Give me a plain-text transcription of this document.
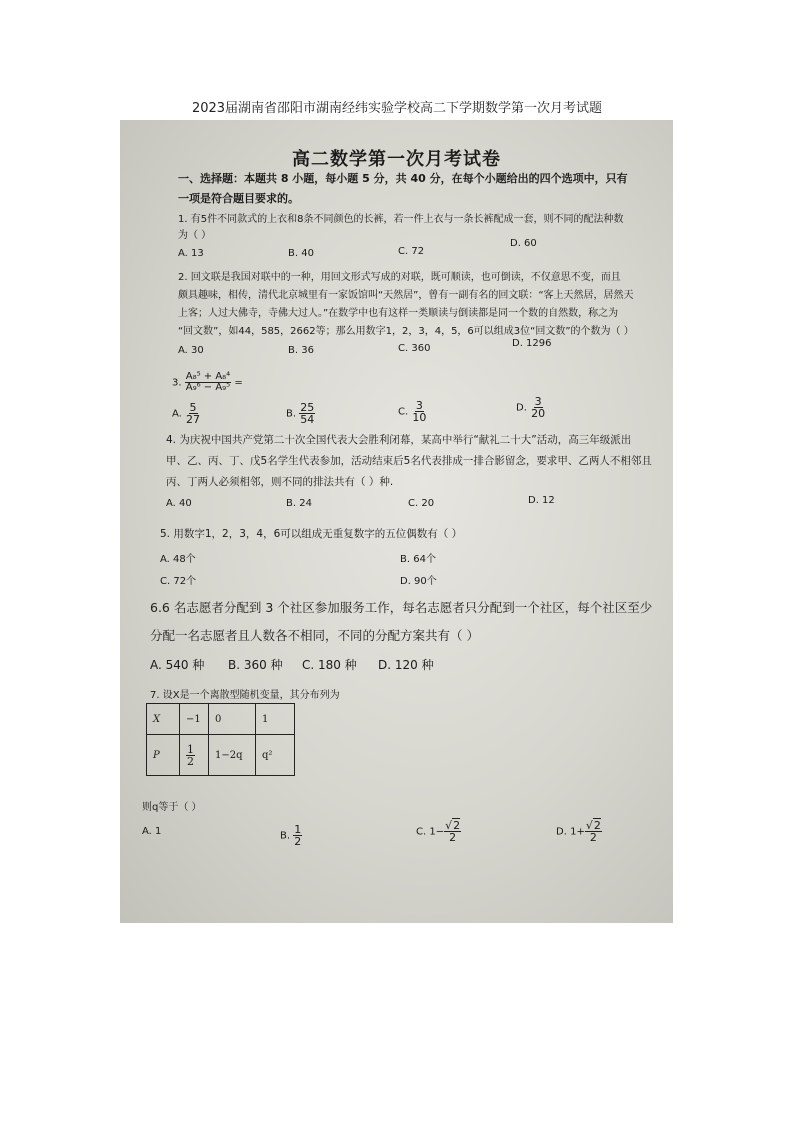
2023届湖南省邵阳市湖南经纬实验学校高二下学期数学第一次月考试题
高二数学第一次月考试卷
一、选择题：本题共 8 小题，每小题 5 分，共 40 分，在每个小题给出的四个选项中，只有
一项是符合题目要求的。
1. 有5件不同款式的上衣和8条不同颜色的长裤，若一件上衣与一条长裤配成一套，则不同的配法种数
为（ ）
A. 13	B. 40	C. 72
D. 60
2. 回文联是我国对联中的一种，用回文形式写成的对联，既可顺读，也可倒读，不仅意思不变，而且
颇具趣味，相传，清代北京城里有一家饭馆叫“天然居”，曾有一副有名的回文联：“客上天然居，居然天
上客；人过大佛寺，寺佛大过人。”在数学中也有这样一类顺读与倒读都是同一个数的自然数，称之为
“回文数”，如44，585，2662等；那么用数字1，2，3，4，5，6可以组成3位“回文数”的个数为（ ）
A. 30	B. 36	C. 360	D. 1296
3. $\frac{\text{A₈⁵ + A₈⁴}}{\text{A₉⁶ − A₉⁵}}$ =
A. $\frac{5}{27}$	B. $\frac{25}{54}$	C. $\frac{3}{10}$	D. $\frac{3}{20}$
4. 为庆祝中国共产党第二十次全国代表大会胜利闭幕，某高中举行“献礼二十大”活动，高三年级派出
甲、乙、丙、丁、戊5名学生代表参加，活动结束后5名代表排成一排合影留念，要求甲、乙两人不相邻且
丙、丁两人必须相邻，则不同的排法共有（ ）种.
A. 40	B. 24	C. 20	D. 12
5. 用数字1，2，3，4，6可以组成无重复数字的五位偶数有（ ）
A. 48个	B. 64个
C. 72个	D. 90个
6.6 名志愿者分配到 3 个社区参加服务工作，每名志愿者只分配到一个社区，每个社区至少
分配一名志愿者且人数各不相同，不同的分配方案共有（ ）
A. 540 种 B. 360 种 C. 180 种 D. 120 种
7. 设X是一个离散型随机变量，其分布列为
X	−1	0	1
P	$\frac{1}{2}$	1−2q	q²
则q等于（ ）
A. 1	B. $\frac{1}{2}$	C. $1- \frac{√2}{2}$	D. $1+ \frac{√2}{2}$
